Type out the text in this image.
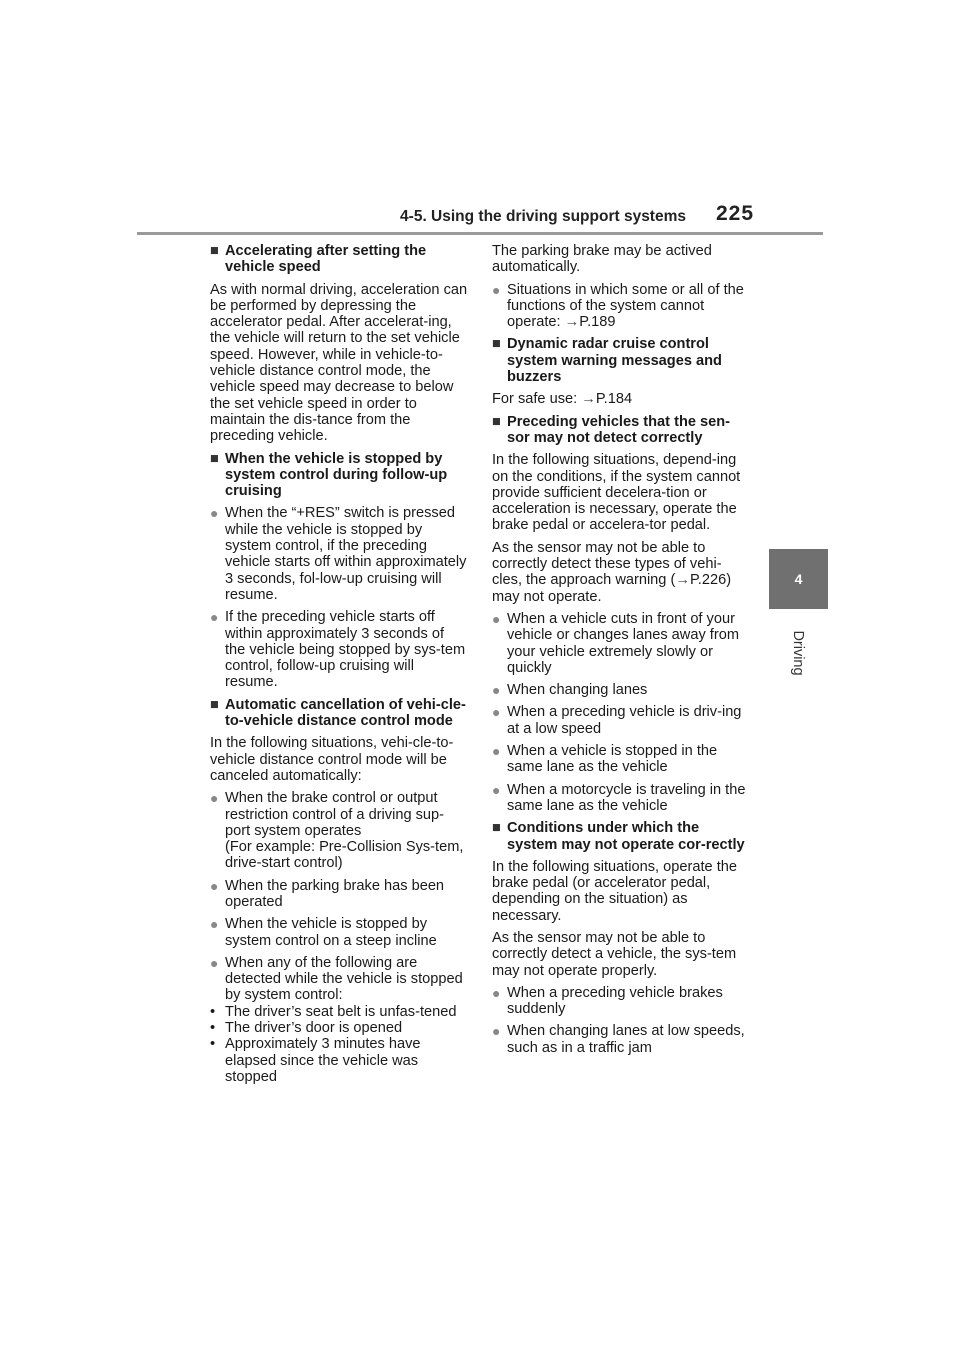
4-5. Using the driving support systems 225
4
Driving
■ Accelerating after setting the vehicle speed
As with normal driving, acceleration can be performed by depressing the accelerator pedal. After accelerat-ing, the vehicle will return to the set vehicle speed. However, while in vehicle-to-vehicle distance control mode, the vehicle speed may decrease to below the set vehicle speed in order to maintain the dis-tance from the preceding vehicle.
■ When the vehicle is stopped by system control during follow-up cruising
● When the “+RES” switch is pressed while the vehicle is stopped by system control, if the preceding vehicle starts off within approximately 3 seconds, fol-low-up cruising will resume.
● If the preceding vehicle starts off within approximately 3 seconds of the vehicle being stopped by sys-tem control, follow-up cruising will resume.
■ Automatic cancellation of vehi-cle-to-vehicle distance control mode
In the following situations, vehi-cle-to-vehicle distance control mode will be canceled automatically:
● When the brake control or output restriction control of a driving sup-port system operates
(For example: Pre-Collision Sys-tem, drive-start control)
● When the parking brake has been operated
● When the vehicle is stopped by system control on a steep incline
● When any of the following are detected while the vehicle is stopped by system control:
• The driver’s seat belt is unfas-tened
• The driver’s door is opened
• Approximately 3 minutes have elapsed since the vehicle was stopped
The parking brake may be actived automatically.
● Situations in which some or all of the functions of the system cannot operate: →P.189
■ Dynamic radar cruise control system warning messages and buzzers
For safe use: →P.184
■ Preceding vehicles that the sen-sor may not detect correctly
In the following situations, depend-ing on the conditions, if the system cannot provide sufficient decelera-tion or acceleration is necessary, operate the brake pedal or accelera-tor pedal.
As the sensor may not be able to correctly detect these types of vehi-cles, the approach warning (→P.226) may not operate.
● When a vehicle cuts in front of your vehicle or changes lanes away from your vehicle extremely slowly or quickly
● When changing lanes
● When a preceding vehicle is driv-ing at a low speed
● When a vehicle is stopped in the same lane as the vehicle
● When a motorcycle is traveling in the same lane as the vehicle
■ Conditions under which the system may not operate cor-rectly
In the following situations, operate the brake pedal (or accelerator pedal, depending on the situation) as necessary.
As the sensor may not be able to correctly detect a vehicle, the sys-tem may not operate properly.
● When a preceding vehicle brakes suddenly
● When changing lanes at low speeds, such as in a traffic jam
